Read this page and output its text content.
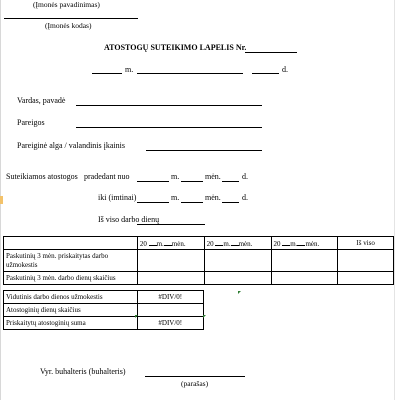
(Įmonės pavadinimas)
(Įmonės kodas)
ATOSTOGŲ SUTEIKIMO LAPELIS Nr.
m.	d.
Vardas, pavadė
Pareigos
Pareiginė alga / valandinis įkainis
Suteikiamos atostogos pradedant nuo	m.	mėn.	d.
iki (imtinai)	m.	mėn.	d.
Iš viso darbo dienų
	20 m. mėn.	20 m. mėn.	20 m. mėn.	Iš viso
Paskutinių 3 mėn. priskaitytas darbo užmokestis				
Paskutinių 3 mėn. darbo dienų skaičius				
Vidutinis darbo dienos užmokestis	#DIV/0!
Atostoginių dienų skaičius	
Priskaitytų atostoginių suma	#DIV/0!
Vyr. buhalteris (buhalteris)
(parašas)
